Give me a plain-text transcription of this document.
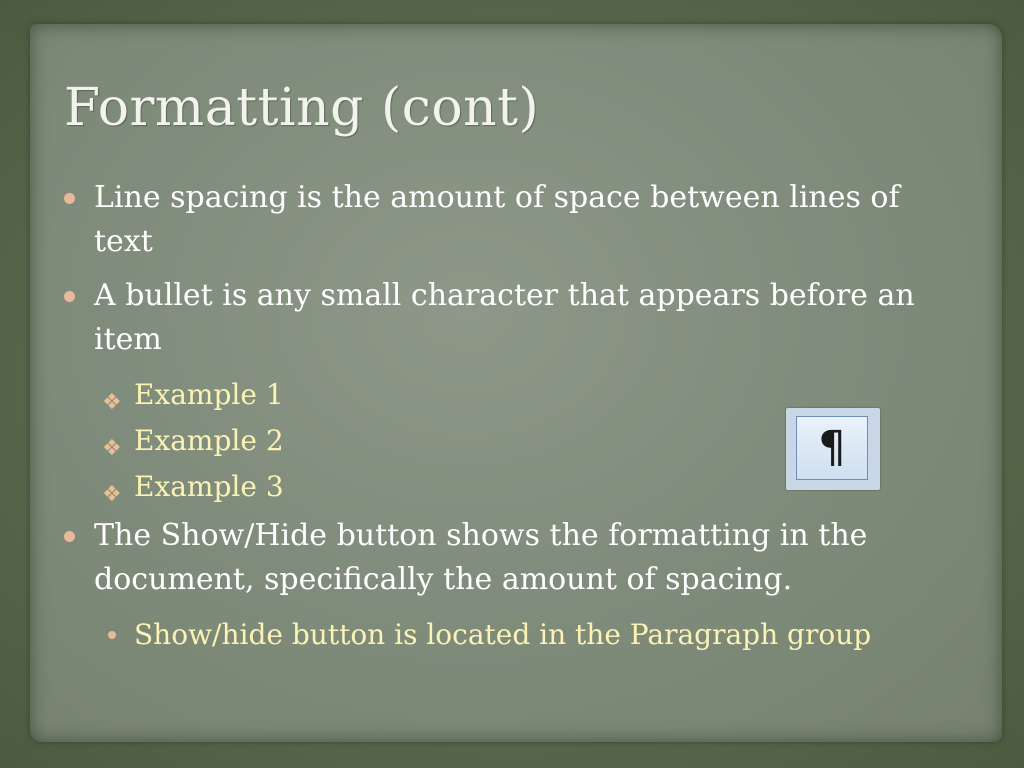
Formatting (cont)
Line spacing is the amount of space between lines of text
A bullet is any small character that appears before an item
❖ Example 1
❖ Example 2
❖ Example 3
The Show/Hide button shows the formatting in the document, specifically the amount of spacing.
Show/hide button is located in the Paragraph group
¶
